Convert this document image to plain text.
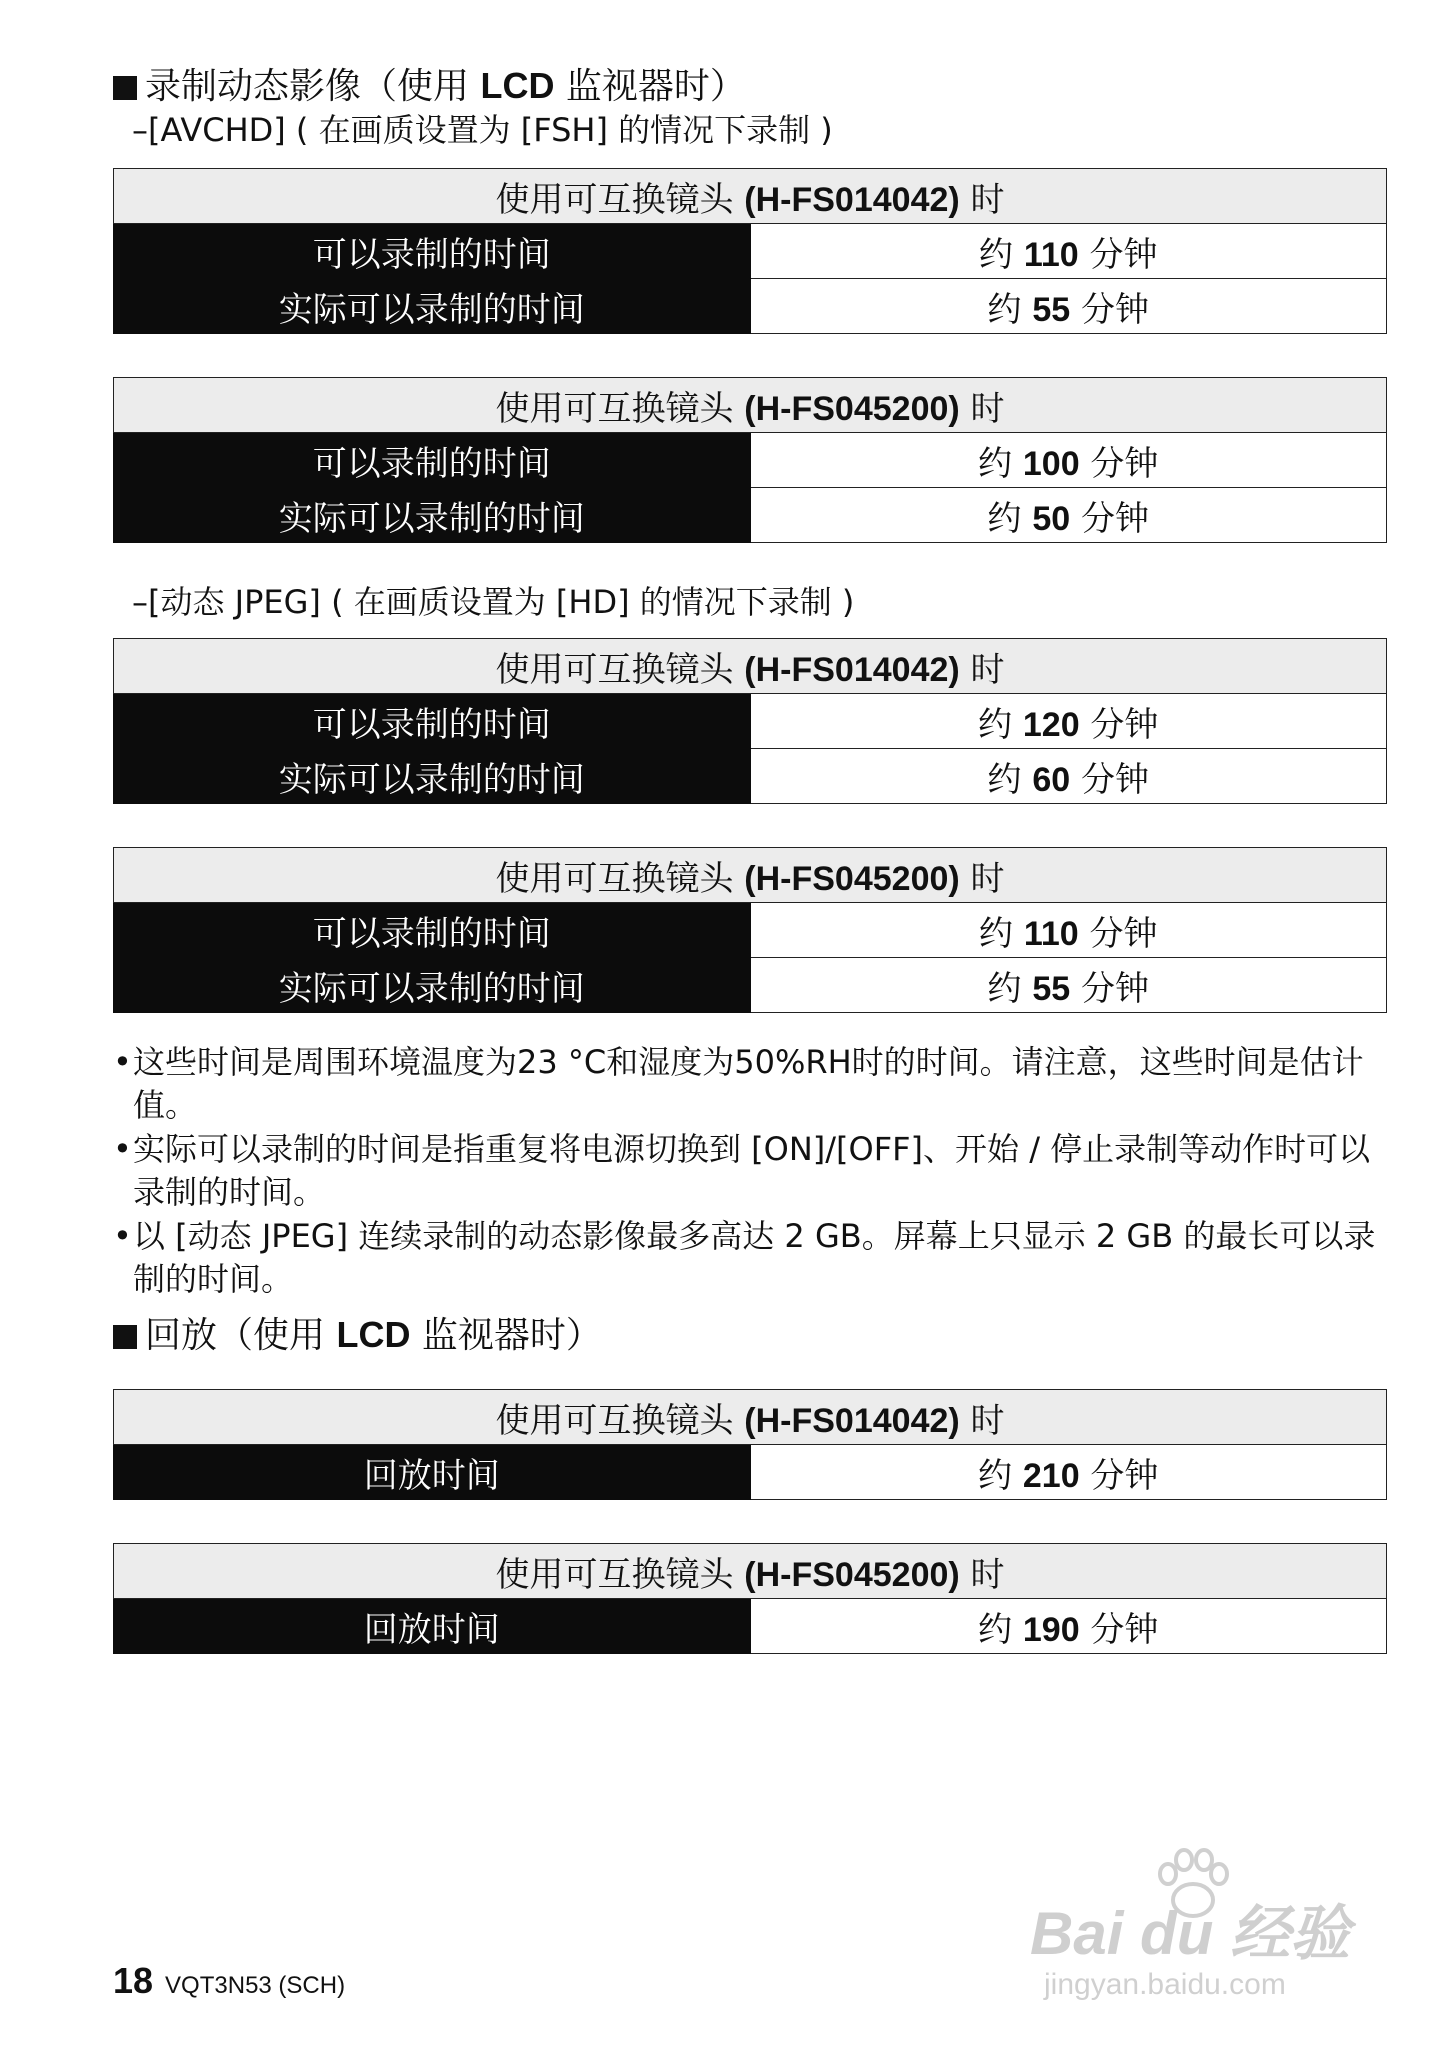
录制动态影像（使用 LCD 监视器时）
–[AVCHD] ( 在画质设置为 [FSH] 的情况下录制 )
使用可互换镜头 (H-FS014042) 时	
可以录制的时间	约 110 分钟
实际可以录制的时间	约 55 分钟
使用可互换镜头 (H-FS045200) 时	
可以录制的时间	约 100 分钟
实际可以录制的时间	约 50 分钟
–[动态 JPEG] ( 在画质设置为 [HD] 的情况下录制 )
使用可互换镜头 (H-FS014042) 时	
可以录制的时间	约 120 分钟
实际可以录制的时间	约 60 分钟
使用可互换镜头 (H-FS045200) 时	
可以录制的时间	约 110 分钟
实际可以录制的时间	约 55 分钟
• 这些时间是周围环境温度为23 °C和湿度为50%RH时的时间。请注意，这些时间是估计值。
• 实际可以录制的时间是指重复将电源切换到 [ON]/[OFF]、开始 / 停止录制等动作时可以录制的时间。
• 以 [动态 JPEG] 连续录制的动态影像最多高达 2 GB。屏幕上只显示 2 GB 的最长可以录制的时间。
回放（使用 LCD 监视器时）
使用可互换镜头 (H-FS014042) 时
回放时间	约 210 分钟
使用可互换镜头 (H-FS045200) 时
回放时间	约 190 分钟
18 VQT3N53 (SCH)
Bai du 经验
jingyan.baidu.com
